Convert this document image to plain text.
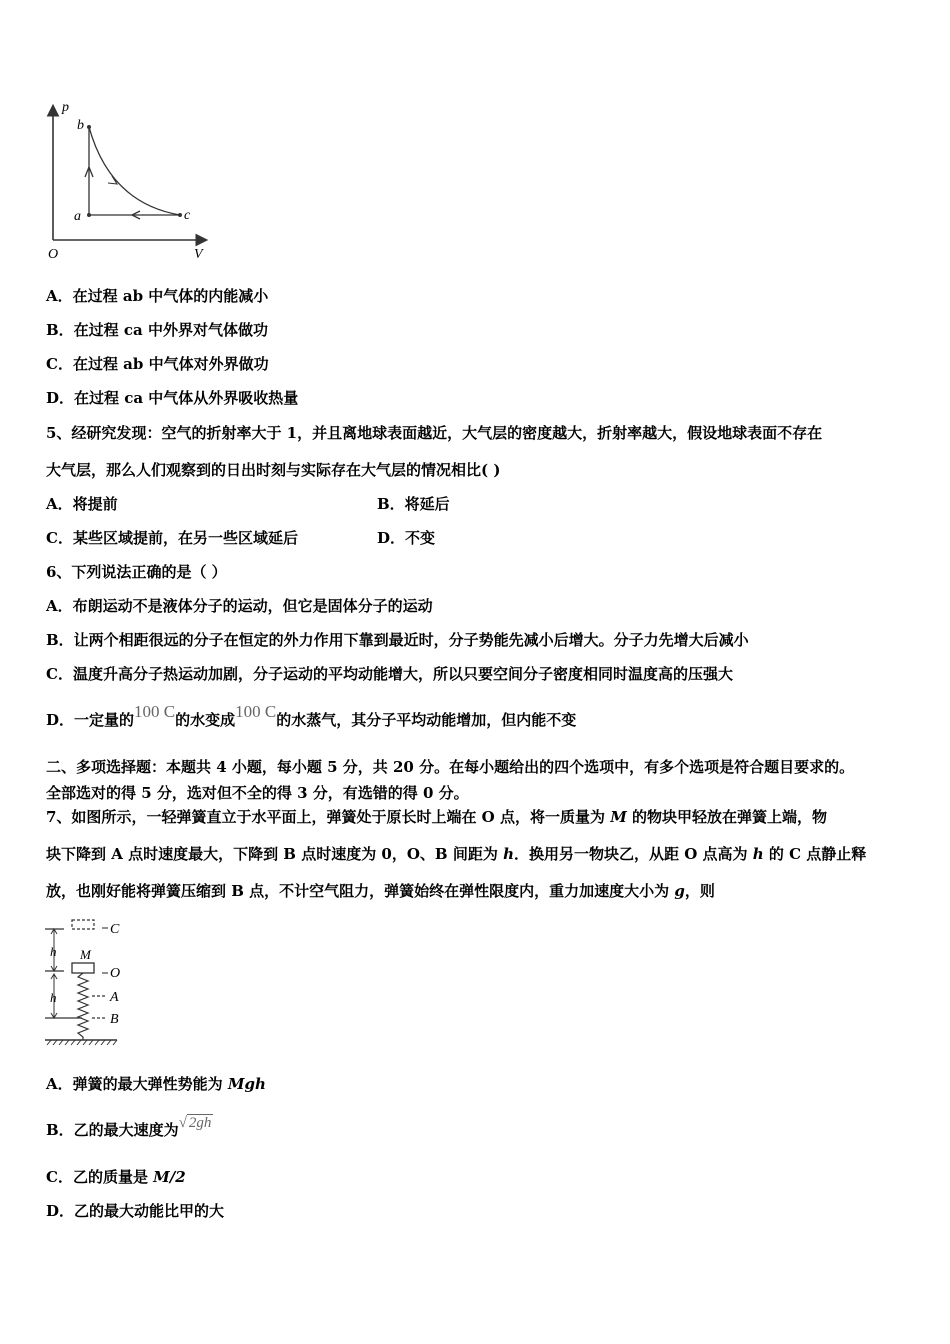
p
V
O
b
a	c
A．在过程 ab 中气体的内能减小
B．在过程 ca 中外界对气体做功
C．在过程 ab 中气体对外界做功
D．在过程 ca 中气体从外界吸收热量
5、经研究发现：空气的折射率大于 1，并且离地球表面越近，大气层的密度越大，折射率越大，假设地球表面不存在
大气层，那么人们观察到的日出时刻与实际存在大气层的情况相比( )
A．将提前	B．将延后
C．某些区域提前，在另一些区域延后	D．不变
6、下列说法正确的是（ ）
A．布朗运动不是液体分子的运动，但它是固体分子的运动
B．让两个相距很远的分子在恒定的外力作用下靠到最近时，分子势能先减小后增大。分子力先增大后减小
C．温度升高分子热运动加剧，分子运动的平均动能增大，所以只要空间分子密度相同时温度高的压强大
D．一定量的100 C的水变成100 C的水蒸气，其分子平均动能增加，但内能不变
二、多项选择题：本题共 4 小题，每小题 5 分，共 20 分。在每小题给出的四个选项中，有多个选项是符合题目要求的。
全部选对的得 5 分，选对但不全的得 3 分，有选错的得 0 分。
7、如图所示，一轻弹簧直立于水平面上，弹簧处于原长时上端在 O 点，将一质量为 M 的物块甲轻放在弹簧上端，物
块下降到 A 点时速度最大，下降到 B 点时速度为 0，O、B 间距为 h．换用另一物块乙，从距 O 点高为 h 的 C 点静止释
放，也刚好能将弹簧压缩到 B 点，不计空气阻力，弹簧始终在弹性限度内，重力加速度大小为 g，则
C
h M
O
h	A
B
A．弹簧的最大弹性势能为 Mgh
B．乙的最大速度为√ 2gh
C．乙的质量是 M/2
D．乙的最大动能比甲的大
